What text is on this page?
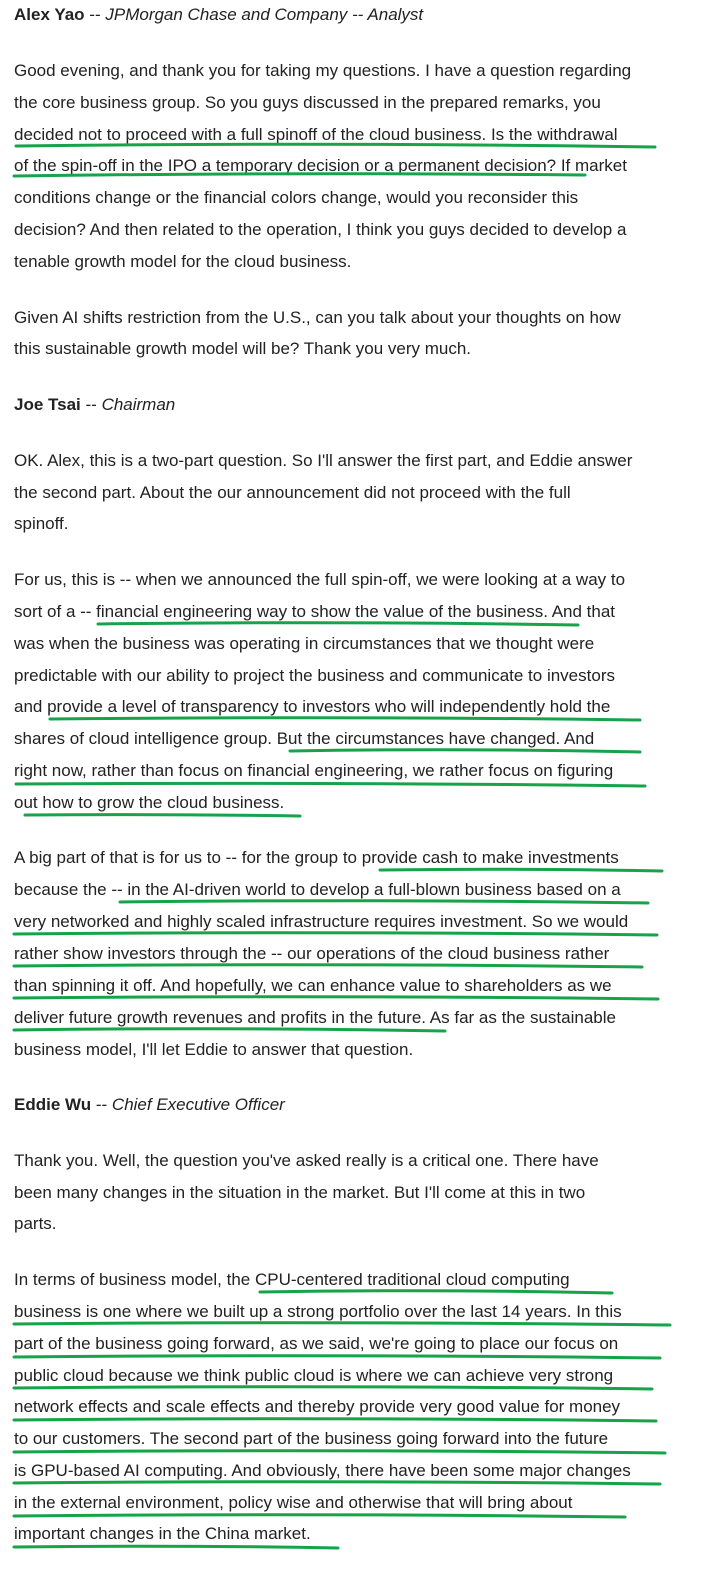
Alex Yao -- JPMorgan Chase and Company -- Analyst
Good evening, and thank you for taking my questions. I have a question regarding
the core business group. So you guys discussed in the prepared remarks, you
decided not to proceed with a full spinoff of the cloud business. Is the withdrawal
of the spin-off in the IPO a temporary decision or a permanent decision? If market
conditions change or the financial colors change, would you reconsider this
decision? And then related to the operation, I think you guys decided to develop a
tenable growth model for the cloud business.
Given AI shifts restriction from the U.S., can you talk about your thoughts on how
this sustainable growth model will be? Thank you very much.
Joe Tsai -- Chairman
OK. Alex, this is a two-part question. So I'll answer the first part, and Eddie answer
the second part. About the our announcement did not proceed with the full
spinoff.
For us, this is -- when we announced the full spin-off, we were looking at a way to
sort of a -- financial engineering way to show the value of the business. And that
was when the business was operating in circumstances that we thought were
predictable with our ability to project the business and communicate to investors
and provide a level of transparency to investors who will independently hold the
shares of cloud intelligence group. But the circumstances have changed. And
right now, rather than focus on financial engineering, we rather focus on figuring
out how to grow the cloud business.
A big part of that is for us to -- for the group to provide cash to make investments
because the -- in the AI-driven world to develop a full-blown business based on a
very networked and highly scaled infrastructure requires investment. So we would
rather show investors through the -- our operations of the cloud business rather
than spinning it off. And hopefully, we can enhance value to shareholders as we
deliver future growth revenues and profits in the future. As far as the sustainable
business model, I'll let Eddie to answer that question.
Eddie Wu -- Chief Executive Officer
Thank you. Well, the question you've asked really is a critical one. There have
been many changes in the situation in the market. But I'll come at this in two
parts.
In terms of business model, the CPU-centered traditional cloud computing
business is one where we built up a strong portfolio over the last 14 years. In this
part of the business going forward, as we said, we're going to place our focus on
public cloud because we think public cloud is where we can achieve very strong
network effects and scale effects and thereby provide very good value for money
to our customers. The second part of the business going forward into the future
is GPU-based AI computing. And obviously, there have been some major changes
in the external environment, policy wise and otherwise that will bring about
important changes in the China market.
